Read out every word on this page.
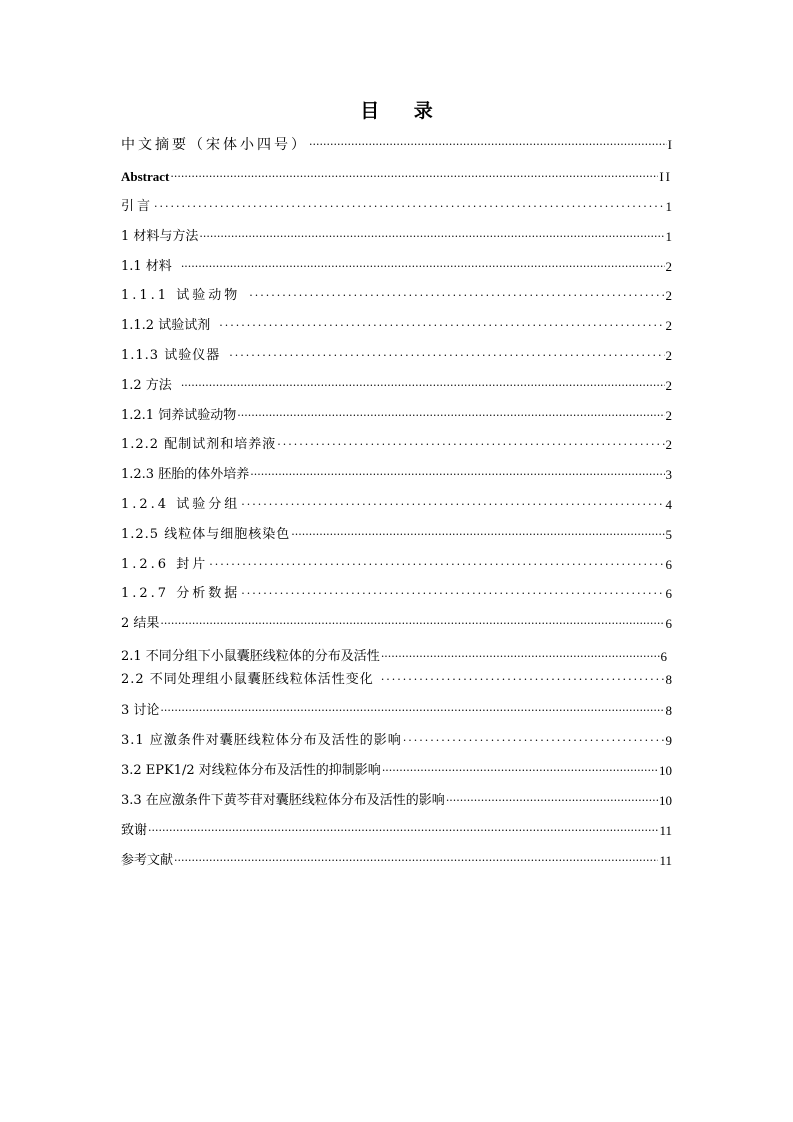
目 录
中文摘要（宋体小四号） ·····	I
Abstract ·····	II
引言 ·····	1
1 材料与方法 ·····	1
1.1 材料 ·····	2
1.1.1 试验动物 ·····	2
1.1.2 试验试剂 ·····	2
1.1.3 试验仪器 ·····	2
1.2 方法 ·····	2
1.2.1 饲养试验动物 ·····	2
1.2.2 配制试剂和培养液 ·····	2
1.2.3 胚胎的体外培养 ·····	3
1.2.4 试验分组 ·····	4
1.2.5 线粒体与细胞核染色 ·····	5
1.2.6 封片 ·····	6
1.2.7 分析数据 ·····	6
2 结果 ·····	6
2.1 不同分组下小鼠囊胚线粒体的分布及活性 ·····	6
2.2 不同处理组小鼠囊胚线粒体活性变化 ·····	8
3 讨论 ·····	8
3.1 应激条件对囊胚线粒体分布及活性的影响 ·····	9
3.2 EPK1/2 对线粒体分布及活性的抑制影响 ·····	10
3.3 在应激条件下黄芩苷对囊胚线粒体分布及活性的影响 ·····	10
致谢 ·····	11
参考文献 ·····	11
